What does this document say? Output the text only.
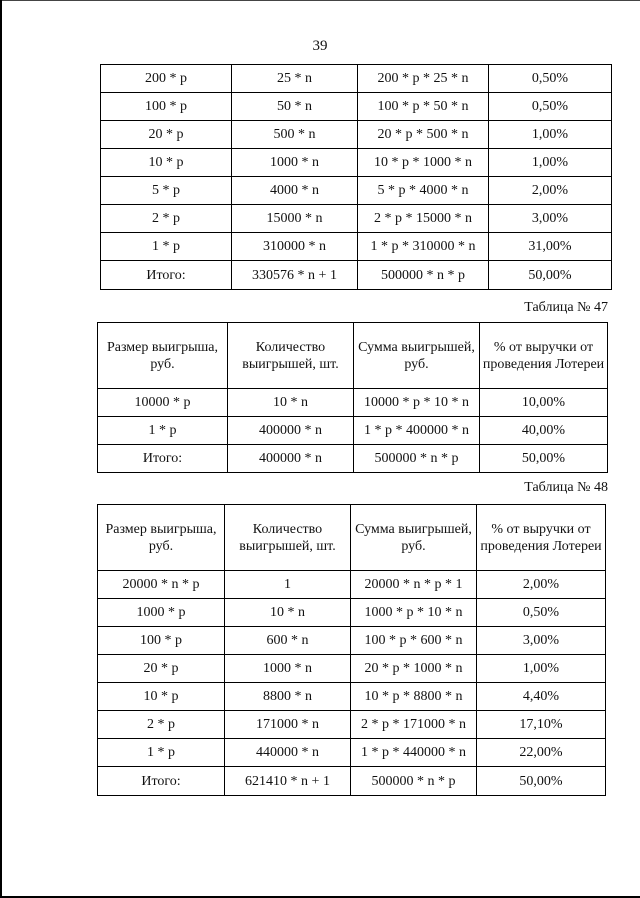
39
200 * p	25 * n	200 * p * 25 * n	0,50%
100 * p	50 * n	100 * p * 50 * n	0,50%
20 * p	500 * n	20 * p * 500 * n	1,00%
10 * p	1000 * n	10 * p * 1000 * n	1,00%
5 * p	4000 * n	5 * p * 4000 * n	2,00%
2 * p	15000 * n	2 * p * 15000 * n	3,00%
1 * p	310000 * n	1 * p * 310000 * n	31,00%
Итого:	330576 * n + 1	500000 * n * p	50,00%
Таблица № 47
Размер выигрыша, руб.	Количество выигрышей, шт.	Сумма выигрышей, руб.	% от выручки от проведения Лотереи
10000 * p	10 * n	10000 * p * 10 * n	10,00%
1 * p	400000 * n	1 * p * 400000 * n	40,00%
Итого:	400000 * n	500000 * n * p	50,00%
Таблица № 48
Размер выигрыша, руб.	Количество выигрышей, шт.	Сумма выигрышей, руб.	% от выручки от проведения Лотереи
20000 * n * p	1	20000 * n * p * 1	2,00%
1000 * p	10 * n	1000 * p * 10 * n	0,50%
100 * p	600 * n	100 * p * 600 * n	3,00%
20 * p	1000 * n	20 * p * 1000 * n	1,00%
10 * p	8800 * n	10 * p * 8800 * n	4,40%
2 * p	171000 * n	2 * p * 171000 * n	17,10%
1 * p	440000 * n	1 * p * 440000 * n	22,00%
Итого:	621410 * n + 1	500000 * n * p	50,00%
